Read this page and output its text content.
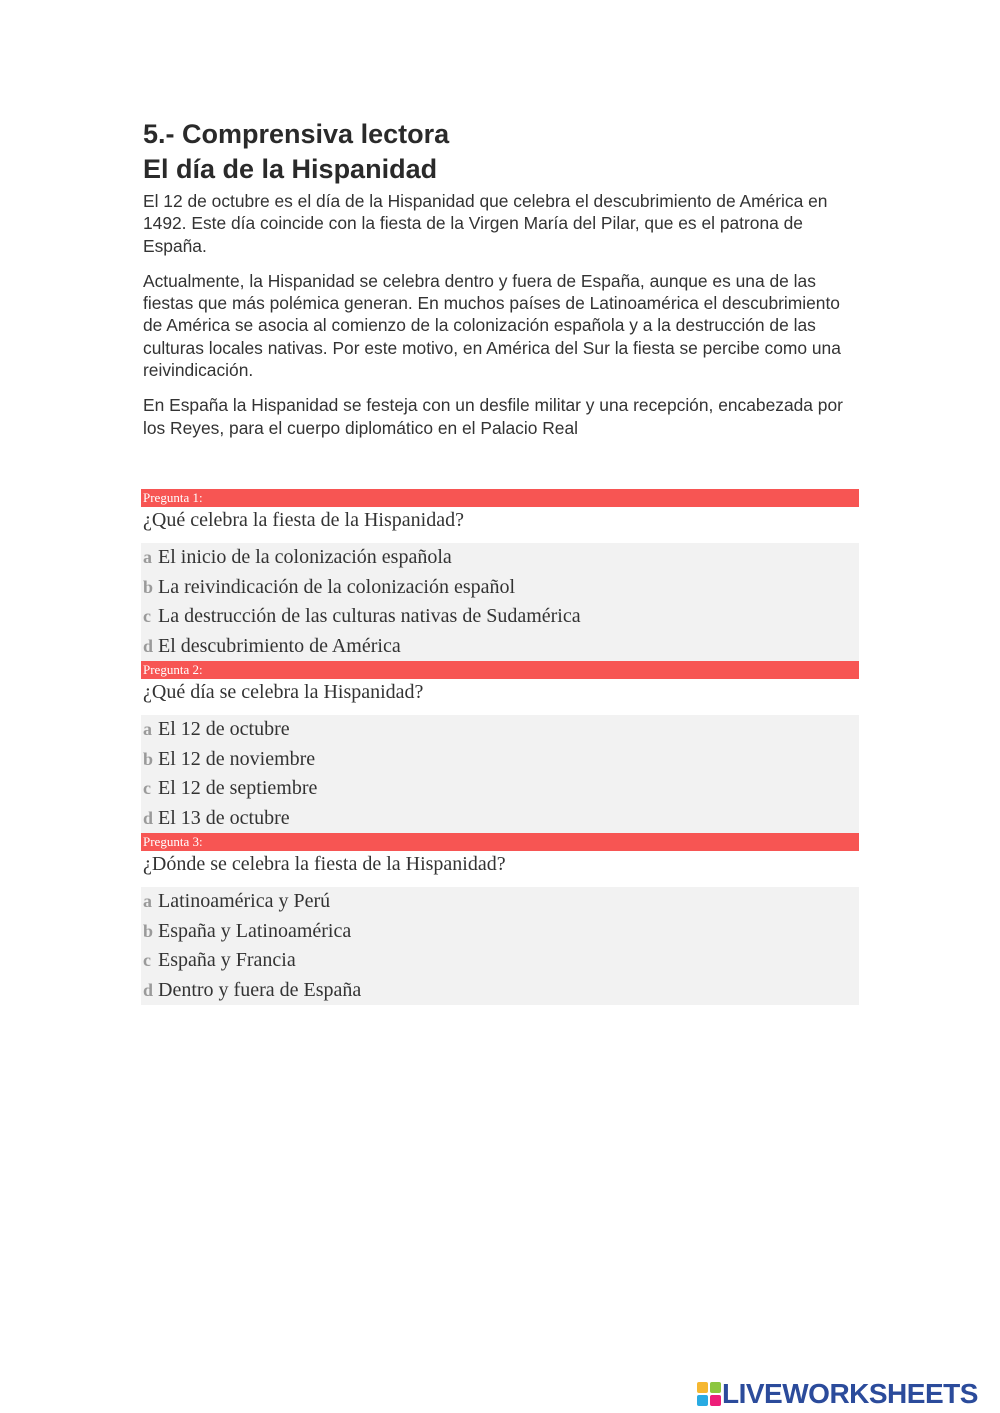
5.- Comprensiva lectora
El día de la Hispanidad

El 12 de octubre es el día de la Hispanidad que celebra el descubrimiento de América en 1492. Este día coincide con la fiesta de la Virgen María del Pilar, que es el patrona de España.

Actualmente, la Hispanidad se celebra dentro y fuera de España, aunque es una de las fiestas que más polémica generan. En muchos países de Latinoamérica el descubrimiento de América se asocia al comienzo de la colonización española y a la destrucción de las culturas locales nativas. Por este motivo, en América del Sur la fiesta se percibe como una reivindicación.

En España la Hispanidad se festeja con un desfile militar y una recepción, encabezada por los Reyes, para el cuerpo diplomático en el Palacio Real

Pregunta 1:
¿Qué celebra la fiesta de la Hispanidad?
a El inicio de la colonización española
b La reivindicación de la colonización español
c La destrucción de las culturas nativas de Sudamérica
d El descubrimiento de América
Pregunta 2:
¿Qué día se celebra la Hispanidad?
a El 12 de octubre
b El 12 de noviembre
c El 12 de septiembre
d El 13 de octubre
Pregunta 3:
¿Dónde se celebra la fiesta de la Hispanidad?
a Latinoamérica y Perú
b España y Latinoamérica
c España y Francia
d Dentro y fuera de España
LIVEWORKSHEETS
